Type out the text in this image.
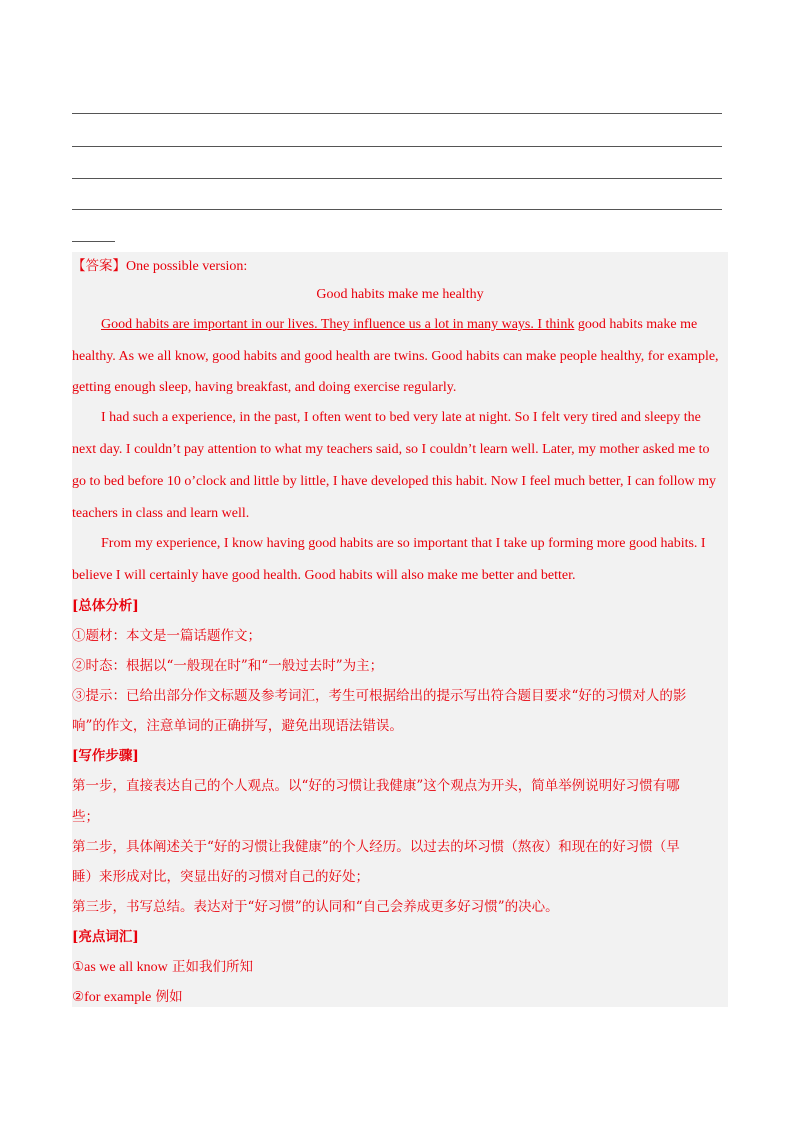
【答案】One possible version:
Good habits make me healthy
Good habits are important in our lives. They influence us a lot in many ways. I think good habits make me
healthy. As we all know, good habits and good health are twins. Good habits can make people healthy, for example,
getting enough sleep, having breakfast, and doing exercise regularly.
I had such a experience, in the past, I often went to bed very late at night. So I felt very tired and sleepy the
next day. I couldn’t pay attention to what my teachers said, so I couldn’t learn well. Later, my mother asked me to
go to bed before 10 o’clock and little by little, I have developed this habit. Now I feel much better, I can follow my
teachers in class and learn well.
From my experience, I know having good habits are so important that I take up forming more good habits. I
believe I will certainly have good health. Good habits will also make me better and better.
[总体分析]
①题材：本文是一篇话题作文；
②时态：根据以“一般现在时”和“一般过去时”为主；
③提示：已给出部分作文标题及参考词汇，考生可根据给出的提示写出符合题目要求“好的习惯对人的影
响”的作文，注意单词的正确拼写，避免出现语法错误。
[写作步骤]
第一步，直接表达自己的个人观点。以“好的习惯让我健康”这个观点为开头，简单举例说明好习惯有哪
些；
第二步，具体阐述关于“好的习惯让我健康”的个人经历。以过去的坏习惯（熬夜）和现在的好习惯（早
睡）来形成对比，突显出好的习惯对自己的好处；
第三步，书写总结。表达对于“好习惯”的认同和“自己会养成更多好习惯”的决心。
[亮点词汇]
①as we all know 正如我们所知
②for example 例如
